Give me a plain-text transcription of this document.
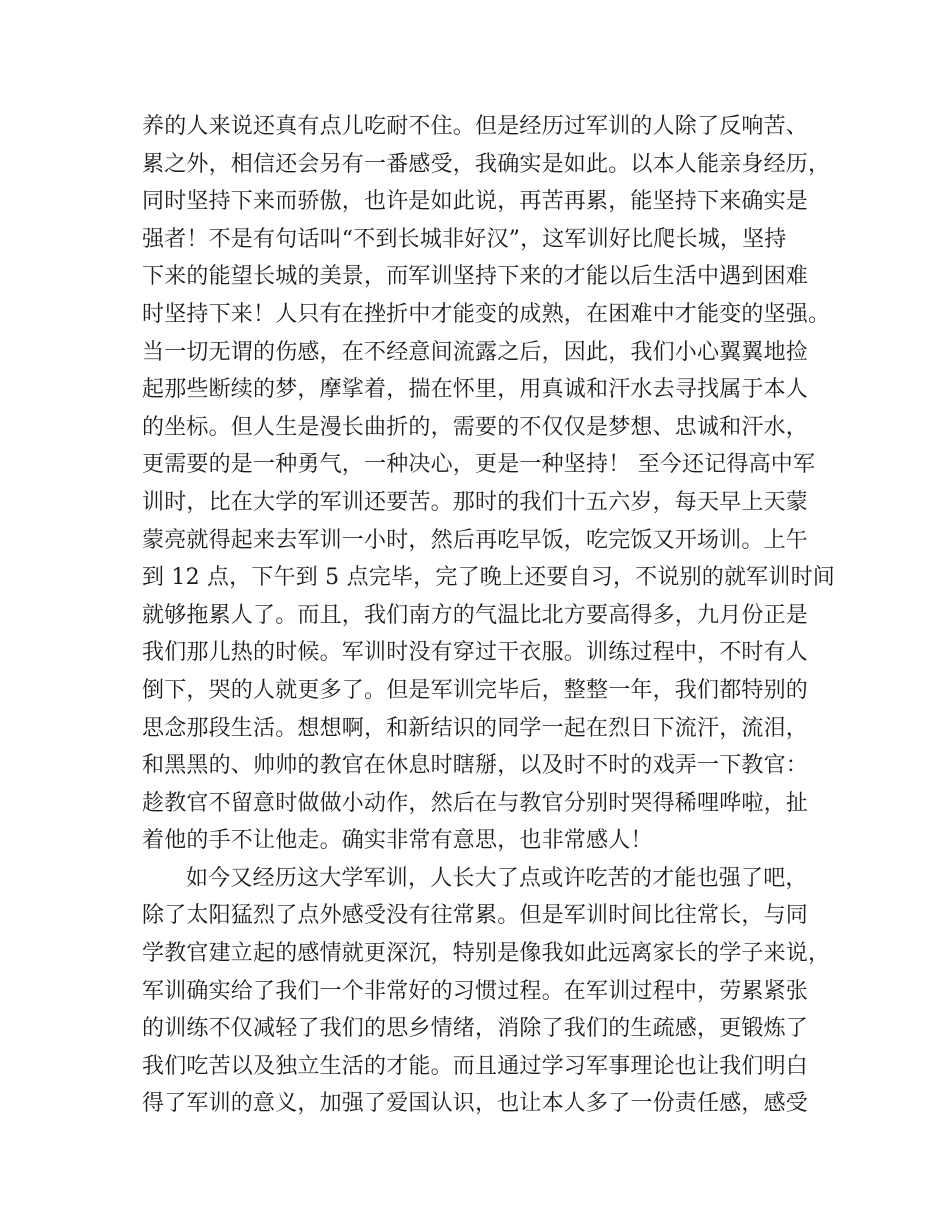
养的人来说还真有点儿吃耐不住。但是经历过军训的人除了反响苦、
累之外，相信还会另有一番感受，我确实是如此。以本人能亲身经历，
同时坚持下来而骄傲，也许是如此说，再苦再累，能坚持下来确实是
强者！不是有句话叫“不到长城非好汉”，这军训好比爬长城，坚持
下来的能望长城的美景，而军训坚持下来的才能以后生活中遇到困难
时坚持下来！人只有在挫折中才能变的成熟，在困难中才能变的坚强。
当一切无谓的伤感，在不经意间流露之后，因此，我们小心翼翼地捡
起那些断续的梦，摩挲着，揣在怀里，用真诚和汗水去寻找属于本人
的坐标。但人生是漫长曲折的，需要的不仅仅是梦想、忠诚和汗水，
更需要的是一种勇气，一种决心，更是一种坚持！ 至今还记得高中军
训时，比在大学的军训还要苦。那时的我们十五六岁，每天早上天蒙
蒙亮就得起来去军训一小时，然后再吃早饭，吃完饭又开场训。上午
到 12 点，下午到 5 点完毕，完了晚上还要自习，不说别的就军训时间
就够拖累人了。而且，我们南方的气温比北方要高得多，九月份正是
我们那儿热的时候。军训时没有穿过干衣服。训练过程中，不时有人
倒下，哭的人就更多了。但是军训完毕后，整整一年，我们都特别的
思念那段生活。想想啊，和新结识的同学一起在烈日下流汗，流泪，
和黑黑的、帅帅的教官在休息时瞎掰，以及时不时的戏弄一下教官：
趁教官不留意时做做小动作，然后在与教官分别时哭得稀哩哗啦，扯
着他的手不让他走。确实非常有意思，也非常感人！
如今又经历这大学军训，人长大了点或许吃苦的才能也强了吧，
除了太阳猛烈了点外感受没有往常累。但是军训时间比往常长，与同
学教官建立起的感情就更深沉，特别是像我如此远离家长的学子来说，
军训确实给了我们一个非常好的习惯过程。在军训过程中，劳累紧张
的训练不仅减轻了我们的思乡情绪，消除了我们的生疏感，更锻炼了
我们吃苦以及独立生活的才能。而且通过学习军事理论也让我们明白
得了军训的意义，加强了爱国认识，也让本人多了一份责任感，感受
